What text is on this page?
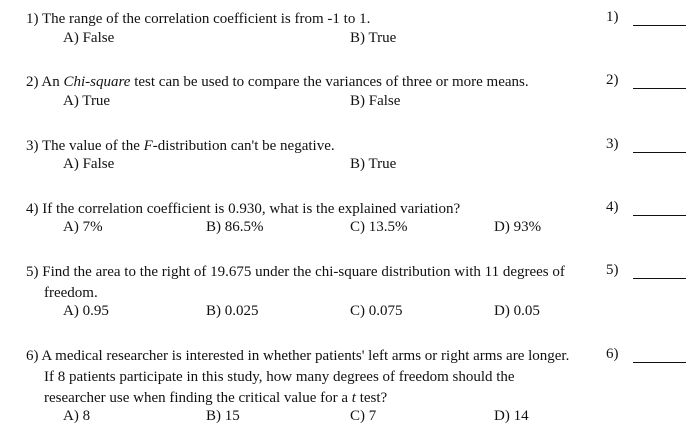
1) The range of the correlation coefficient is from -1 to 1.
A) False	B) True
1)
2) An Chi-square test can be used to compare the variances of three or more means.
A) True	B) False
2)
3) The value of the F-distribution can't be negative.
A) False	B) True
3)
4) If the correlation coefficient is 0.930, what is the explained variation?
A) 7%	B) 86.5%	C) 13.5%	D) 93%
4)
5) Find the area to the right of 19.675 under the chi-square distribution with 11 degrees of
freedom.
A) 0.95	B) 0.025	C) 0.075	D) 0.05
5)
6) A medical researcher is interested in whether patients' left arms or right arms are longer.
If 8 patients participate in this study, how many degrees of freedom should the
researcher use when finding the critical value for a t test?
A) 8	B) 15	C) 7	D) 14
6)
